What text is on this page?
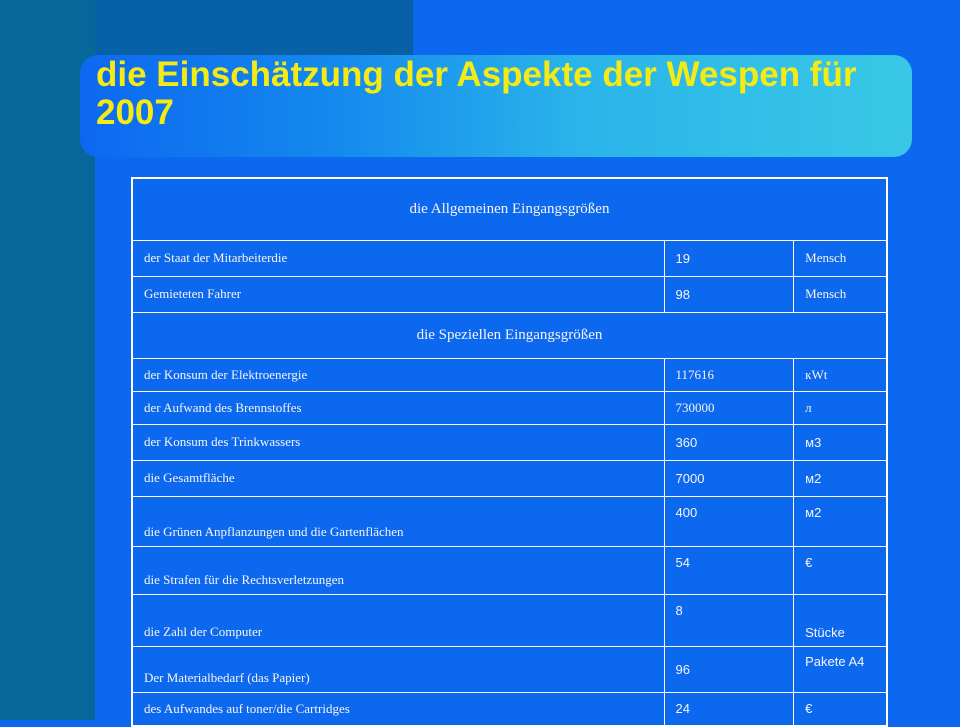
die Einschätzung der Aspekte der Wespen für 2007
die Allgemeinen Eingangsgrößen		
der Staat der Mitarbeiterdie	19	Mensch
Gemieteten Fahrer	98	Mensch
die Speziellen Eingangsgrößen		
der Konsum der Elektroenergie	117616	кWt
der Aufwand des Brennstoffes	730000	л
der Konsum des Trinkwassers	360	м3
die Gesamtfläche	7000	м2
die Grünen Anpflanzungen und die Gartenflächen	400	м2
die Strafen für die Rechtsverletzungen	54	€
die Zahl der Computer	8	Stücke
Der Materialbedarf (das Papier)	96	Pakete A4
des Aufwandes auf toner/die Cartridges	24	€
